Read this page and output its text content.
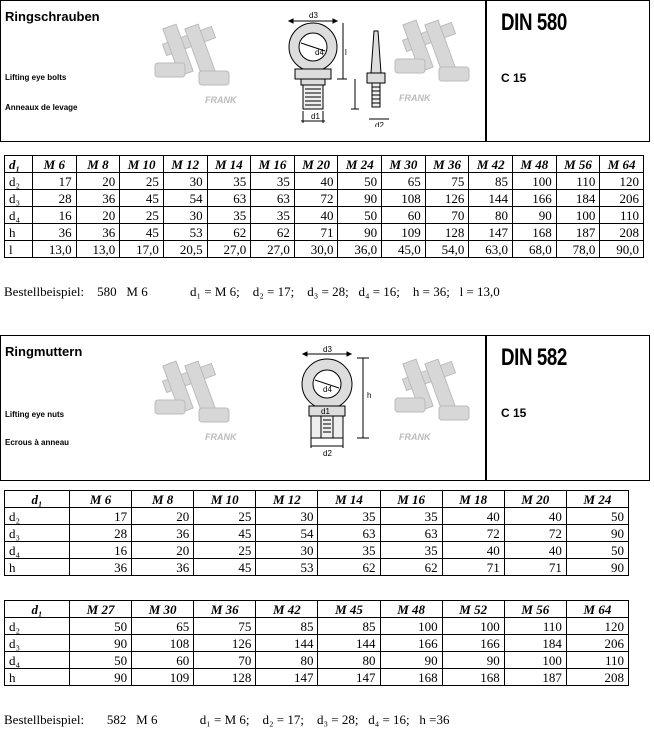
Ringschrauben
Lifting eye bolts
Anneaux de levage
FRANK	FRANK
d3
d4
d1
d2
l
DIN 580
C 15
d₁	M 6	M 8	M 10	M 12	M 14	M 16	M 20	M 24	M 30	M 36	M 42	M 48	M 56	M 64
d₂	17	20	25	30	35	35	40	50	65	75	85	100	110	120
d₃	28	36	45	54	63	63	72	90	108	126	144	166	184	206
d₄	16	20	25	30	35	35	40	50	60	70	80	90	100	110
h	36	36	45	53	62	62	71	90	109	128	147	168	187	208
l	13,0	13,0	17,0	20,5	27,0	27,0	30,0	36,0	45,0	54,0	63,0	68,0	78,0	90,0
Bestellbeispiel:    580   M 6             d₁ = M 6;    d₂ = 17;    d₃ = 28;   d₄ = 16;    h = 36;   l = 13,0
Ringmuttern
Lifting eye nuts
Ecrous à anneau
FRANK	FRANK
d3
d4
d1
d2
h
DIN 582
C 15
d₁	M 6	M 8	M 10	M 12	M 14	M 16	M 18	M 20	M 24
d₂	17	20	25	30	35	35	40	40	50
d₃	28	36	45	54	63	63	72	72	90
d₄	16	20	25	30	35	35	40	40	50
h	36	36	45	53	62	62	71	71	90
d₁	M 27	M 30	M 36	M 42	M 45	M 48	M 52	M 56	M 64
d₂	50	65	75	85	85	100	100	110	120
d₃	90	108	126	144	144	166	166	184	206
d₄	50	60	70	80	80	90	90	100	110
h	90	109	128	147	147	168	168	187	208
Bestellbeispiel:       582   M 6             d₁ = M 6;    d₂ = 17;    d₃ = 28;   d₄ = 16;   h =36
